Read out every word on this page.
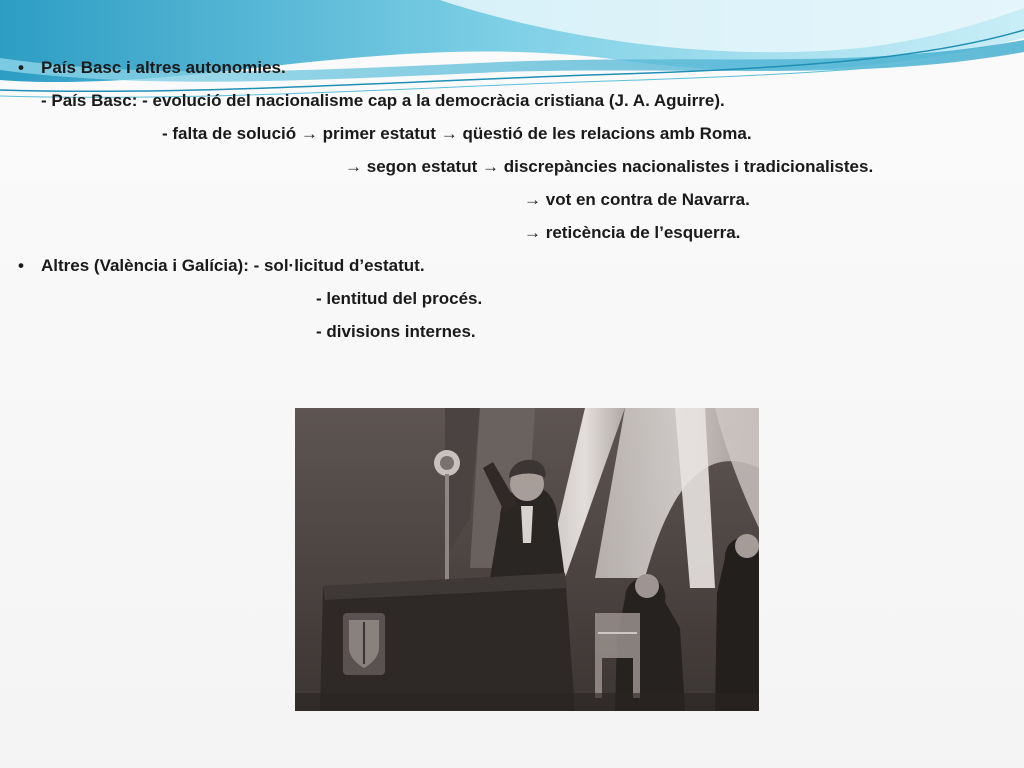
• País Basc i altres autonomies.
- País Basc: - evolució del nacionalisme cap a la democràcia cristiana (J. A. Aguirre).
- falta de solució → primer estatut → qüestió de les relacions amb Roma.
→ segon estatut → discrepàncies nacionalistes i tradicionalistes.
→ vot en contra de Navarra.
→ reticència de l’esquerra.
• Altres (València i Galícia): - sol·licitud d’estatut.
- lentitud del procés.
- divisions internes.
